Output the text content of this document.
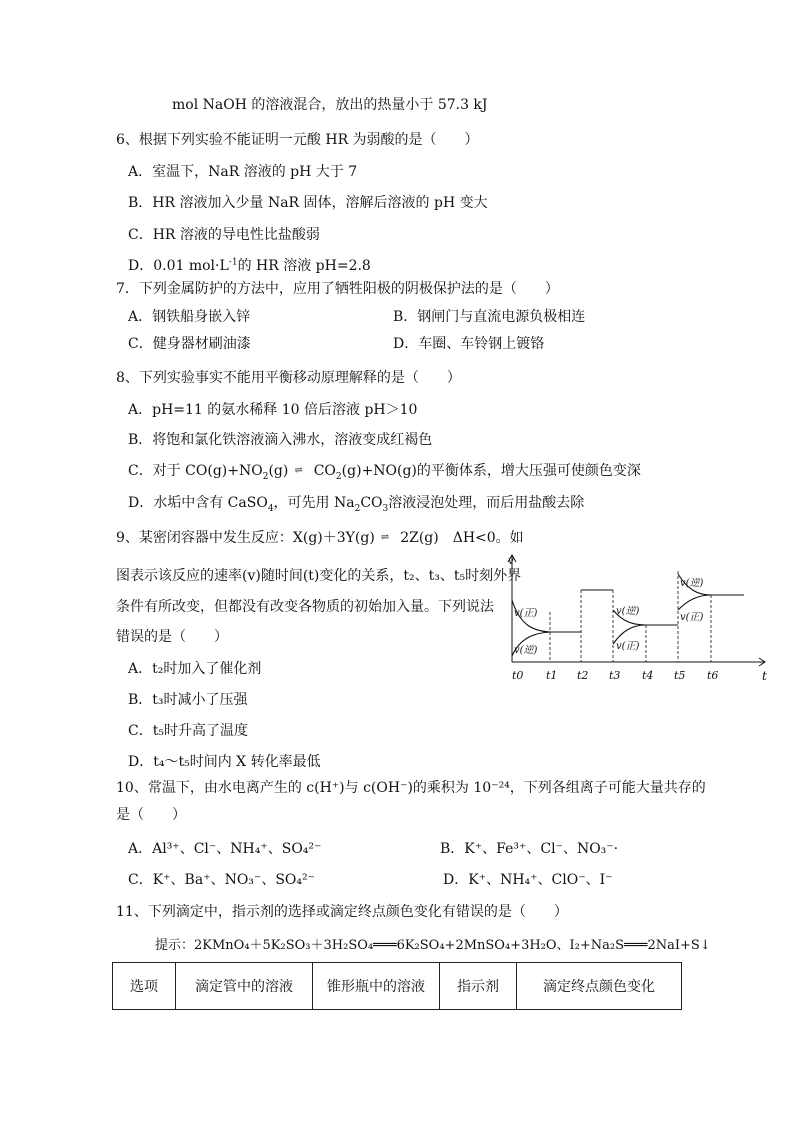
mol NaOH 的溶液混合，放出的热量小于 57.3 kJ
6、根据下列实验不能证明一元酸 HR 为弱酸的是（　　）
A．室温下，NaR 溶液的 pH 大于 7
B．HR 溶液加入少量 NaR 固体，溶解后溶液的 pH 变大
C．HR 溶液的导电性比盐酸弱
D．0.01 $mol\cdot L^{-1}$的 HR 溶液 pH=2.8
7．下列金属防护的方法中，应用了牺牲阳极的阴极保护法的是（　　）
A．钢铁船身嵌入锌	B．钢闸门与直流电源负极相连
C．健身器材刷油漆	D．车圈、车铃钢上镀铬
8、下列实验事实不能用平衡移动原理解释的是（　　）
A．pH=11 的氨水稀释 10 倍后溶液 pH＞10
B．将饱和氯化铁溶液滴入沸水，溶液变成红褐色
C．对于 $CO(g)+NO_2(g)$ ⇌ $CO_2(g)+NO(g)$的平衡体系，增大压强可使颜色变深
D．水垢中含有 CaSO$_4$，可先用 $Na_2CO_3$溶液浸泡处理，而后用盐酸去除
9、某密闭容器中发生反应：X(g)＋3Y(g) ⇌ 2Z(g)　ΔH<0。如
图表示该反应的速率(v)随时间(t)变化的关系，t₂、t₃、t₅时刻外界
条件有所改变，但都没有改变各物质的初始加入量。下列说法
错误的是（　　）
A．t₂时加入了催化剂
B．t₃时减小了压强
C．t₅时升高了温度
D．t₄～t₅时间内 X 转化率最低
v
t
v(正)
v(逆)
v(逆)
v(正)
v(逆)
v(正)
t0 t1 t2 t3 t4 t5 t6
10、常温下，由水电离产生的 c(H⁺)与 c(OH⁻)的乘积为 10⁻²⁴，下列各组离子可能大量共存的
是（　　）
A．Al³⁺、Cl⁻、NH₄⁺、SO₄²⁻	B．K⁺、Fe³⁺、Cl⁻、NO₃⁻·
C．K⁺、Ba⁺、NO₃⁻、SO₄²⁻	D．K⁺、NH₄⁺、ClO⁻、I⁻
11、下列滴定中，指示剂的选择或滴定终点颜色变化有错误的是（　　）
提示：2KMnO₄＋5K₂SO₃＋3H₂SO₄═══6K₂SO₄+2MnSO₄+3H₂O、I₂+Na₂S═══2NaI+S↓
选项	滴定管中的溶液	锥形瓶中的溶液	指示剂	滴定终点颜色变化
